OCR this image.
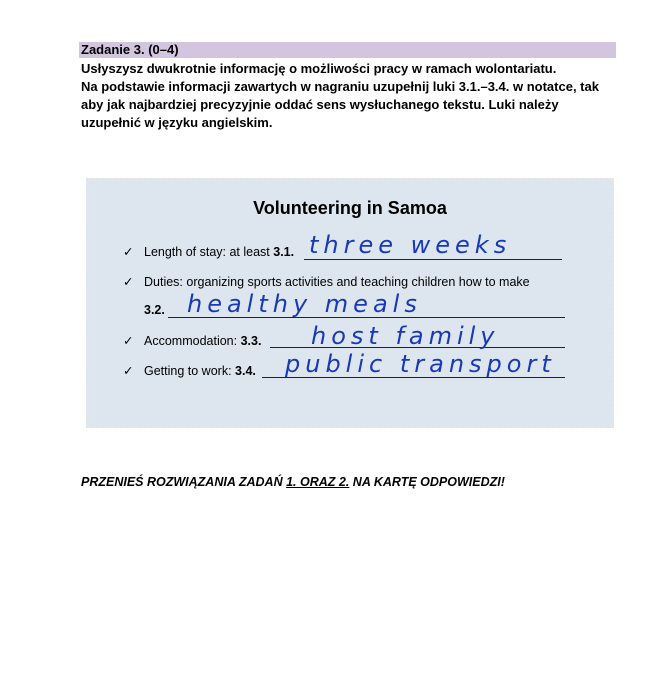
Zadanie 3. (0–4)

Usłyszysz dwukrotnie informację o możliwości pracy w ramach wolontariatu.

Na podstawie informacji zawartych w nagraniu uzupełnij luki 3.1.–3.4. w notatce, tak aby jak najbardziej precyzyjnie oddać sens wysłuchanego tekstu. Luki należy uzupełnić w języku angielskim.

Volunteering in Samoa
✓ Length of stay: at least 3.1. three weeks
✓ Duties: organizing sports activities and teaching children how to make
3.2. healthy meals
✓ Accommodation: 3.3. host family
✓ Getting to work: 3.4. public transport
PRZENIEŚ ROZWIĄZANIA ZADAŃ 1. ORAZ 2. NA KARTĘ ODPOWIEDZI!
